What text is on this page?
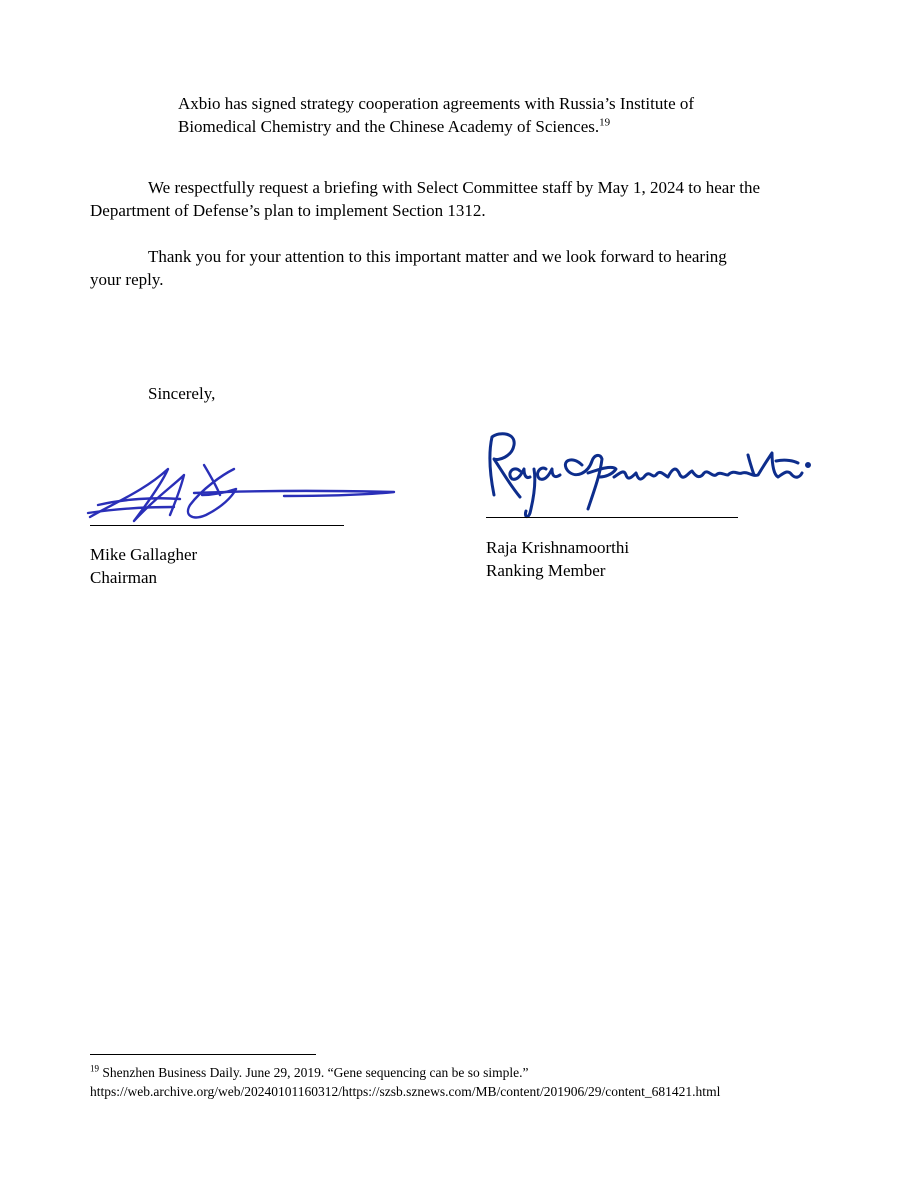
Axbio has signed strategy cooperation agreements with Russia’s Institute of
Biomedical Chemistry and the Chinese Academy of Sciences.$^{19}$

We respectfully request a briefing with Select Committee staff by May 1, 2024 to hear the
Department of Defense’s plan to implement Section 1312.

Thank you for your attention to this important matter and we look forward to hearing
your reply.

Sincerely,

Mike Gallagher
Chairman
Raja Krishnamoorthi
Ranking Member
$^{19}$ Shenzhen Business Daily. June 29, 2019. “Gene sequencing can be so simple.”
https://web.archive.org/web/20240101160312/https://szsb.sznews.com/MB/content/201906/29/content_681421.html
